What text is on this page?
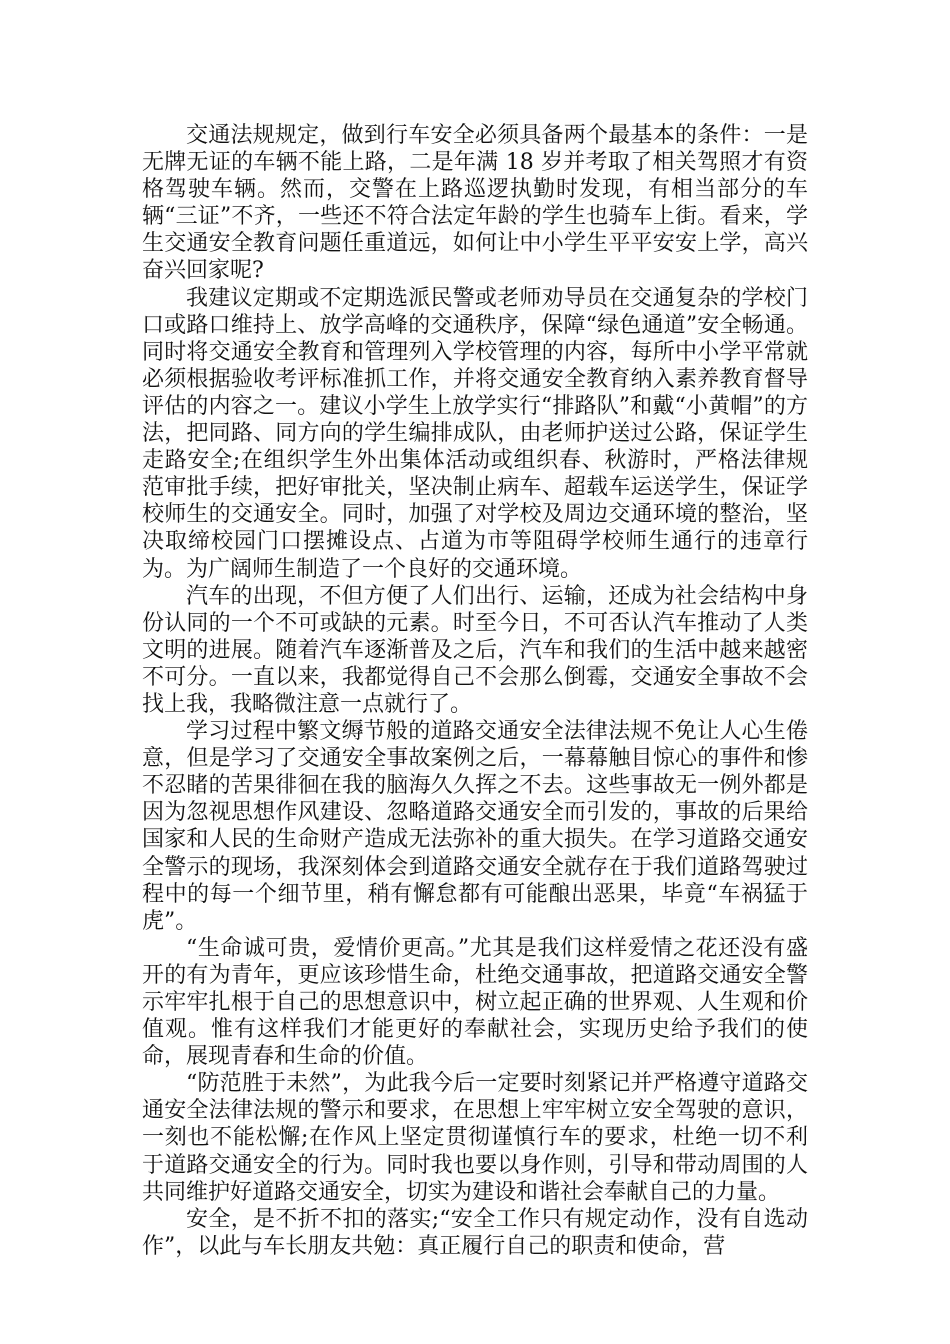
交通法规规定，做到行车安全必须具备两个最基本的条件：一是无牌无证的车辆不能上路，二是年满 18 岁并考取了相关驾照才有资格驾驶车辆。然而，交警在上路巡逻执勤时发现，有相当部分的车辆“三证”不齐，一些还不符合法定年龄的学生也骑车上街。看来，学生交通安全教育问题任重道远，如何让中小学生平平安安上学，高兴奋兴回家呢?

我建议定期或不定期选派民警或老师劝导员在交通复杂的学校门口或路口维持上、放学高峰的交通秩序，保障“绿色通道”安全畅通。同时将交通安全教育和管理列入学校管理的内容，每所中小学平常就必须根据验收考评标准抓工作，并将交通安全教育纳入素养教育督导评估的内容之一。建议小学生上放学实行“排路队”和戴“小黄帽”的方法，把同路、同方向的学生编排成队，由老师护送过公路，保证学生走路安全;在组织学生外出集体活动或组织春、秋游时，严格法律规范审批手续，把好审批关，坚决制止病车、超载车运送学生，保证学校师生的交通安全。同时，加强了对学校及周边交通环境的整治，坚决取缔校园门口摆摊设点、占道为市等阻碍学校师生通行的违章行为。为广阔师生制造了一个良好的交通环境。

汽车的出现，不但方便了人们出行、运输，还成为社会结构中身份认同的一个不可或缺的元素。时至今日，不可否认汽车推动了人类文明的进展。随着汽车逐渐普及之后，汽车和我们的生活中越来越密不可分。一直以来，我都觉得自己不会那么倒霉，交通安全事故不会找上我，我略微注意一点就行了。

学习过程中繁文缛节般的道路交通安全法律法规不免让人心生倦意，但是学习了交通安全事故案例之后，一幕幕触目惊心的事件和惨不忍睹的苦果徘徊在我的脑海久久挥之不去。这些事故无一例外都是因为忽视思想作风建设、忽略道路交通安全而引发的，事故的后果给国家和人民的生命财产造成无法弥补的重大损失。在学习道路交通安全警示的现场，我深刻体会到道路交通安全就存在于我们道路驾驶过程中的每一个细节里，稍有懈怠都有可能酿出恶果，毕竟“车祸猛于虎”。

“生命诚可贵，爱情价更高。”尤其是我们这样爱情之花还没有盛开的有为青年，更应该珍惜生命，杜绝交通事故，把道路交通安全警示牢牢扎根于自己的思想意识中，树立起正确的世界观、人生观和价值观。惟有这样我们才能更好的奉献社会，实现历史给予我们的使命，展现青春和生命的价值。

“防范胜于未然”，为此我今后一定要时刻紧记并严格遵守道路交通安全法律法规的警示和要求，在思想上牢牢树立安全驾驶的意识，一刻也不能松懈;在作风上坚定贯彻谨慎行车的要求，杜绝一切不利于道路交通安全的行为。同时我也要以身作则，引导和带动周围的人共同维护好道路交通安全，切实为建设和谐社会奉献自己的力量。

安全，是不折不扣的落实;“安全工作只有规定动作，没有自选动作”，以此与车长朋友共勉：真正履行自己的职责和使命，营
